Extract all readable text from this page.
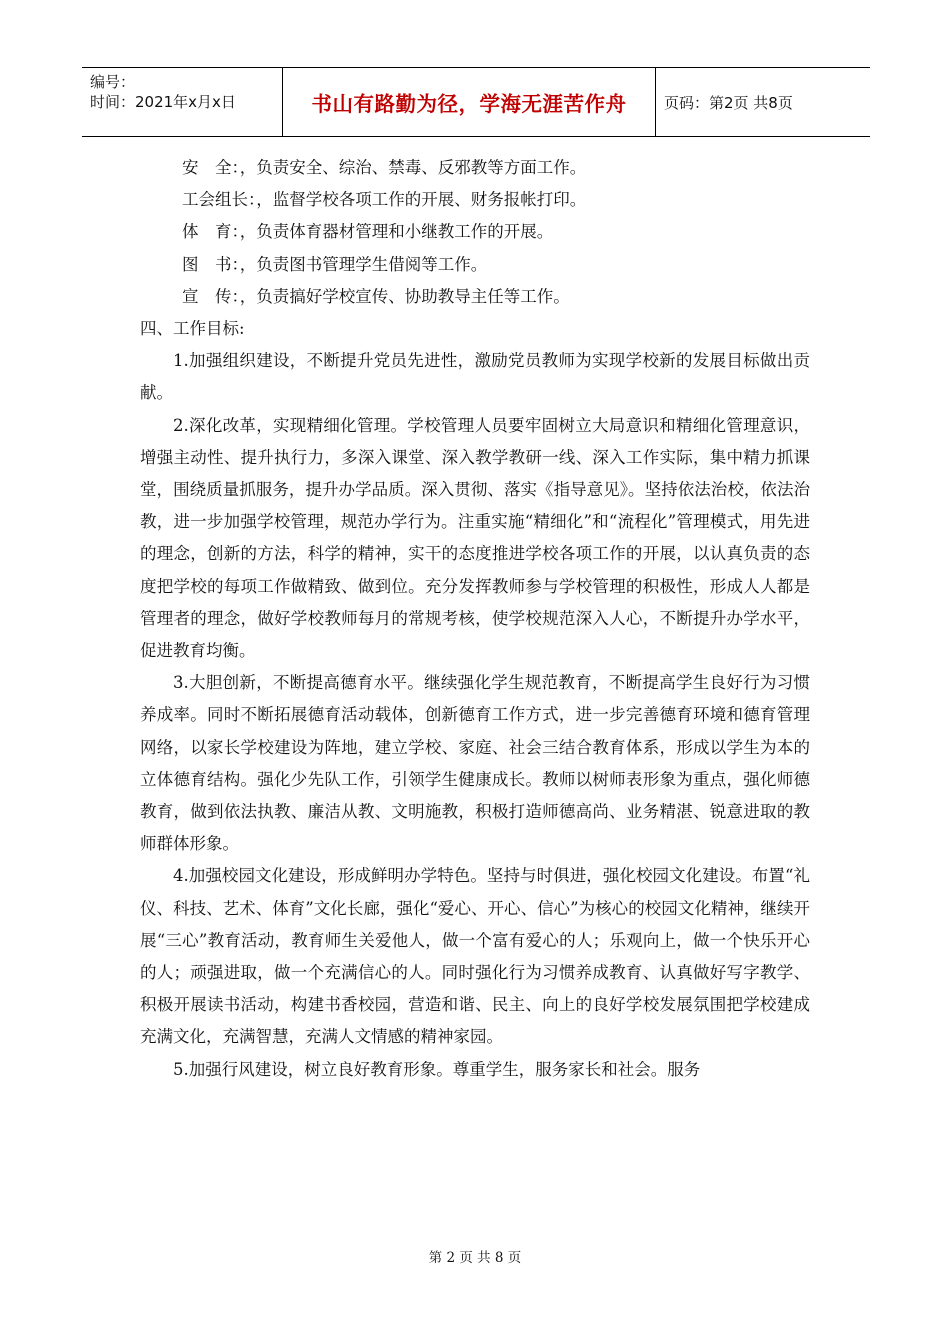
编号：
时间：2021年x月x日	书山有路勤为径，学海无涯苦作舟	页码：第2页 共8页
安　全：，负责安全、综治、禁毒、反邪教等方面工作。
工会组长：，监督学校各项工作的开展、财务报帐打印。
体　育：，负责体育器材管理和小继教工作的开展。
图　书：，负责图书管理学生借阅等工作。
宣　传：，负责搞好学校宣传、协助教导主任等工作。
四、工作目标:
1.加强组织建设，不断提升党员先进性，激励党员教师为实现学校新的发展目标做出贡献。
2.深化改革，实现精细化管理。学校管理人员要牢固树立大局意识和精细化管理意识，增强主动性、提升执行力，多深入课堂、深入教学教研一线、深入工作实际，集中精力抓课堂，围绕质量抓服务，提升办学品质。深入贯彻、落实《指导意见》。坚持依法治校，依法治教，进一步加强学校管理，规范办学行为。注重实施“精细化”和“流程化”管理模式，用先进的理念，创新的方法，科学的精神，实干的态度推进学校各项工作的开展，以认真负责的态度把学校的每项工作做精致、做到位。充分发挥教师参与学校管理的积极性，形成人人都是管理者的理念，做好学校教师每月的常规考核，使学校规范深入人心，不断提升办学水平，促进教育均衡。
3.大胆创新，不断提高德育水平。继续强化学生规范教育，不断提高学生良好行为习惯养成率。同时不断拓展德育活动载体，创新德育工作方式，进一步完善德育环境和德育管理网络，以家长学校建设为阵地，建立学校、家庭、社会三结合教育体系，形成以学生为本的立体德育结构。强化少先队工作，引领学生健康成长。教师以树师表形象为重点，强化师德教育，做到依法执教、廉洁从教、文明施教，积极打造师德高尚、业务精湛、锐意进取的教师群体形象。
4.加强校园文化建设，形成鲜明办学特色。坚持与时俱进，强化校园文化建设。布置“礼仪、科技、艺术、体育”文化长廊，强化“爱心、开心、信心”为核心的校园文化精神，继续开展“三心”教育活动，教育师生关爱他人，做一个富有爱心的人；乐观向上，做一个快乐开心的人；顽强进取，做一个充满信心的人。同时强化行为习惯养成教育、认真做好写字教学、积极开展读书活动，构建书香校园，营造和谐、民主、向上的良好学校发展氛围把学校建成充满文化，充满智慧，充满人文情感的精神家园。
5.加强行风建设，树立良好教育形象。尊重学生，服务家长和社会。服务
第 2 页 共 8 页
